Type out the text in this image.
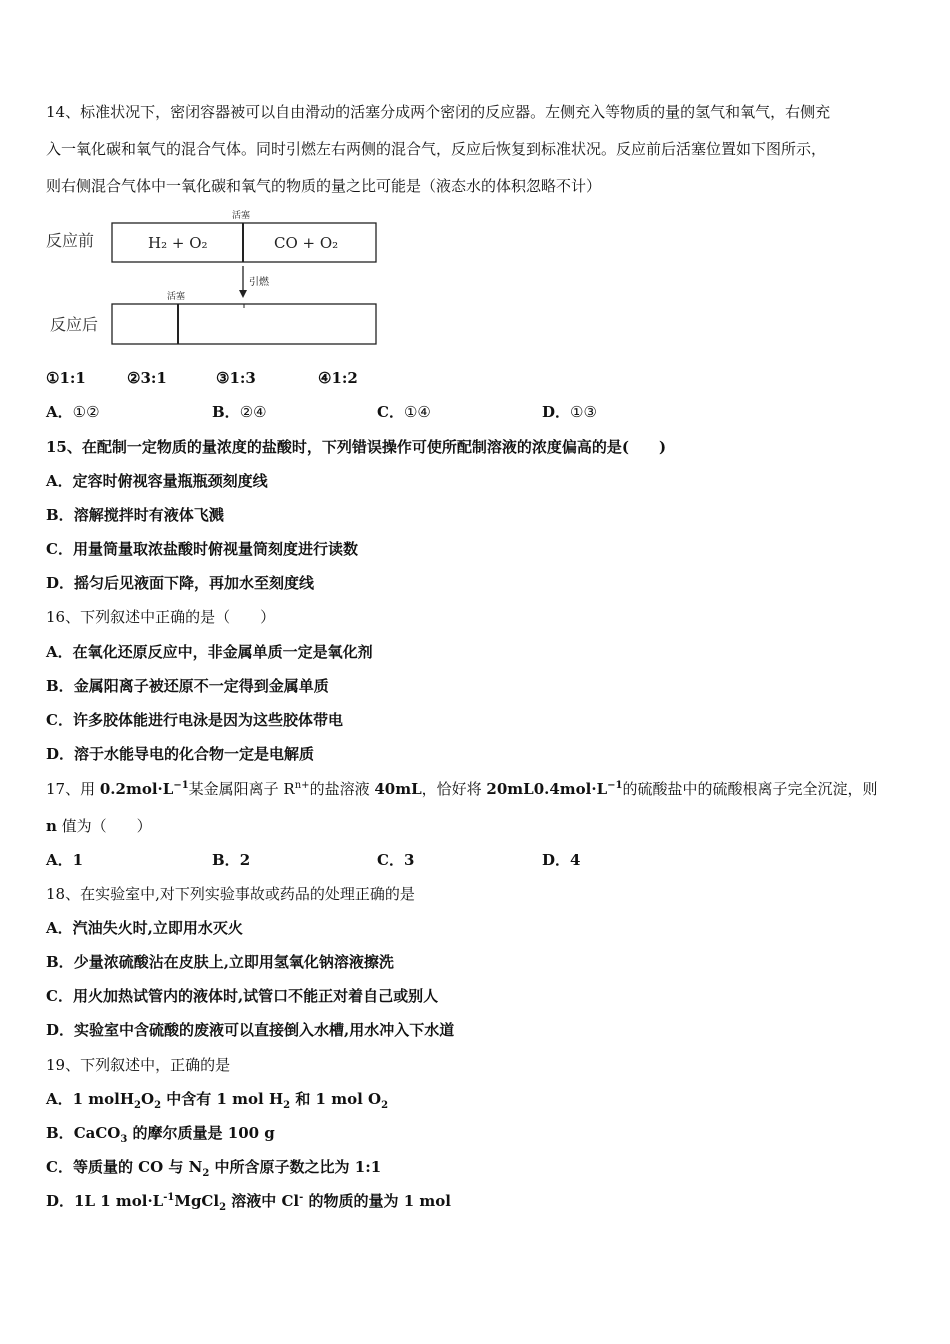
14、标准状况下，密闭容器被可以自由滑动的活塞分成两个密闭的反应器。左侧充入等物质的量的氢气和氧气，右侧充
入一氧化碳和氧气的混合气体。同时引燃左右两侧的混合气，反应后恢复到标准状况。反应前后活塞位置如下图所示，
则右侧混合气体中一氧化碳和氧气的物质的量之比可能是（液态水的体积忽略不计）
反应前
活塞
H₂ + O₂	CO + O₂
引燃
反应后
活塞
①1:1	②3:1	③1:3	④1:2
A．①②	B．②④	C．①④	D．①③
15、在配制一定物质的量浓度的盐酸时，下列错误操作可使所配制溶液的浓度偏高的是(　　)
A．定容时俯视容量瓶瓶颈刻度线
B．溶解搅拌时有液体飞溅
C．用量筒量取浓盐酸时俯视量筒刻度进行读数
D．摇匀后见液面下降，再加水至刻度线
16、下列叙述中正确的是（　　）
A．在氧化还原反应中，非金属单质一定是氧化剂
B．金属阳离子被还原不一定得到金属单质
C．许多胶体能进行电泳是因为这些胶体带电
D．溶于水能导电的化合物一定是电解质
17、用 $0.2mol\cdot L^{-1}$某金属阳离子 $R^{n+}$的盐溶液 40mL，恰好将 $20mL0.4mol\cdot L^{-1}$的硫酸盐中的硫酸根离子完全沉淀，则
n 值为（　　）
A．1	B．2	C．3	D．4
18、在实验室中,对下列实验事故或药品的处理正确的是
A．汽油失火时,立即用水灭火
B．少量浓硫酸沾在皮肤上,立即用氢氧化钠溶液擦洗
C．用火加热试管内的液体时,试管口不能正对着自己或别人
D．实验室中含硫酸的废液可以直接倒入水槽,用水冲入下水道
19、下列叙述中，正确的是
A．1 $molH_2O_2$ 中含有 1 mol $H_2$ 和 1 mol $O_2$
B．CaCO$_3$ 的摩尔质量是 100 g
C．等质量的 CO 与 $N_2$ 中所含原子数之比为 1:1
D．1L 1 $mol\cdot L^{-1}MgCl_2$ 溶液中 Cl- 的物质的量为 1 mol
